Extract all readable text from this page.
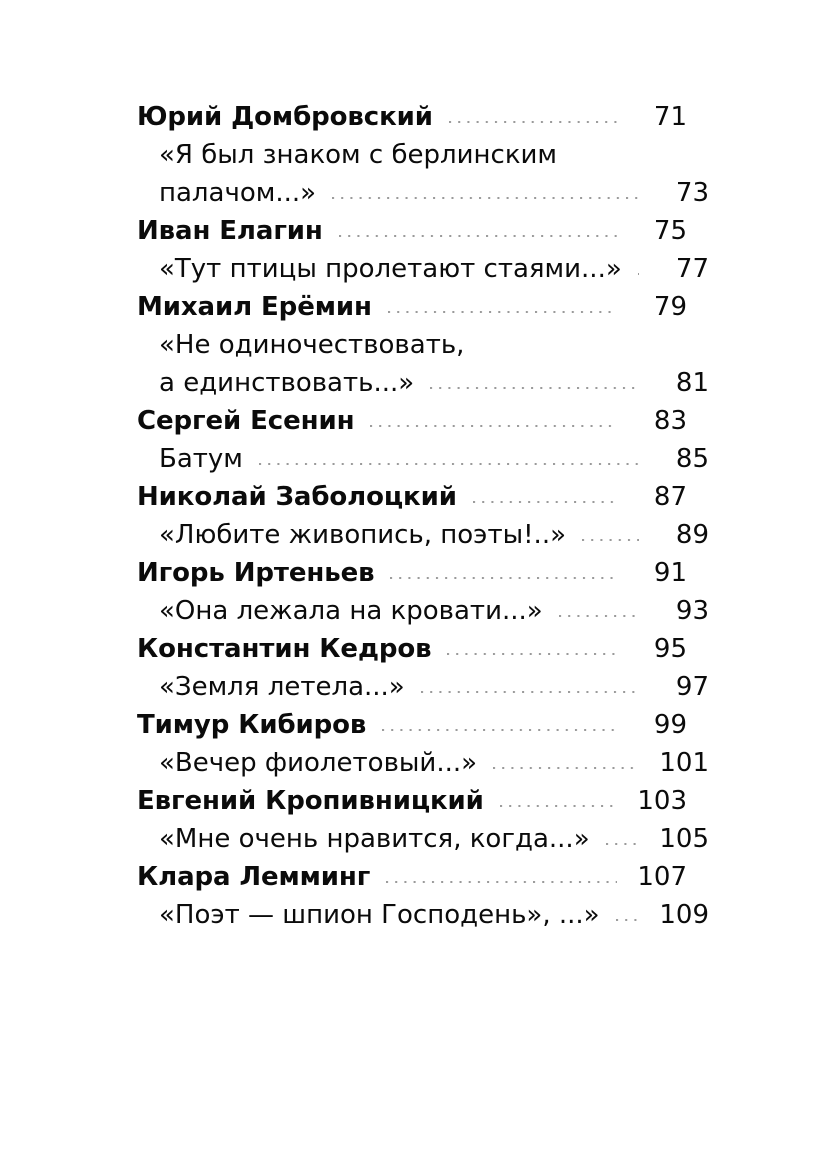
Юрий Домбровский	71
«Я был знаком с берлинским
палачом...»	73
Иван Елагин	75
«Тут птицы пролетают стаями...»	77
Михаил Ерёмин	79
«Не одиночествовать,
а единствовать...»	81
Сергей Есенин	83
Батум	85
Николай Заболоцкий	87
«Любите живопись, поэты!..»	89
Игорь Иртеньев	91
«Она лежала на кровати...»	93
Константин Кедров	95
«Земля летела...»	97
Тимур Кибиров	99
«Вечер фиолетовый...»	101
Евгений Кропивницкий	103
«Мне очень нравится, когда...»	105
Клара Лемминг	107
«Поэт — шпион Господень», ...» 109
